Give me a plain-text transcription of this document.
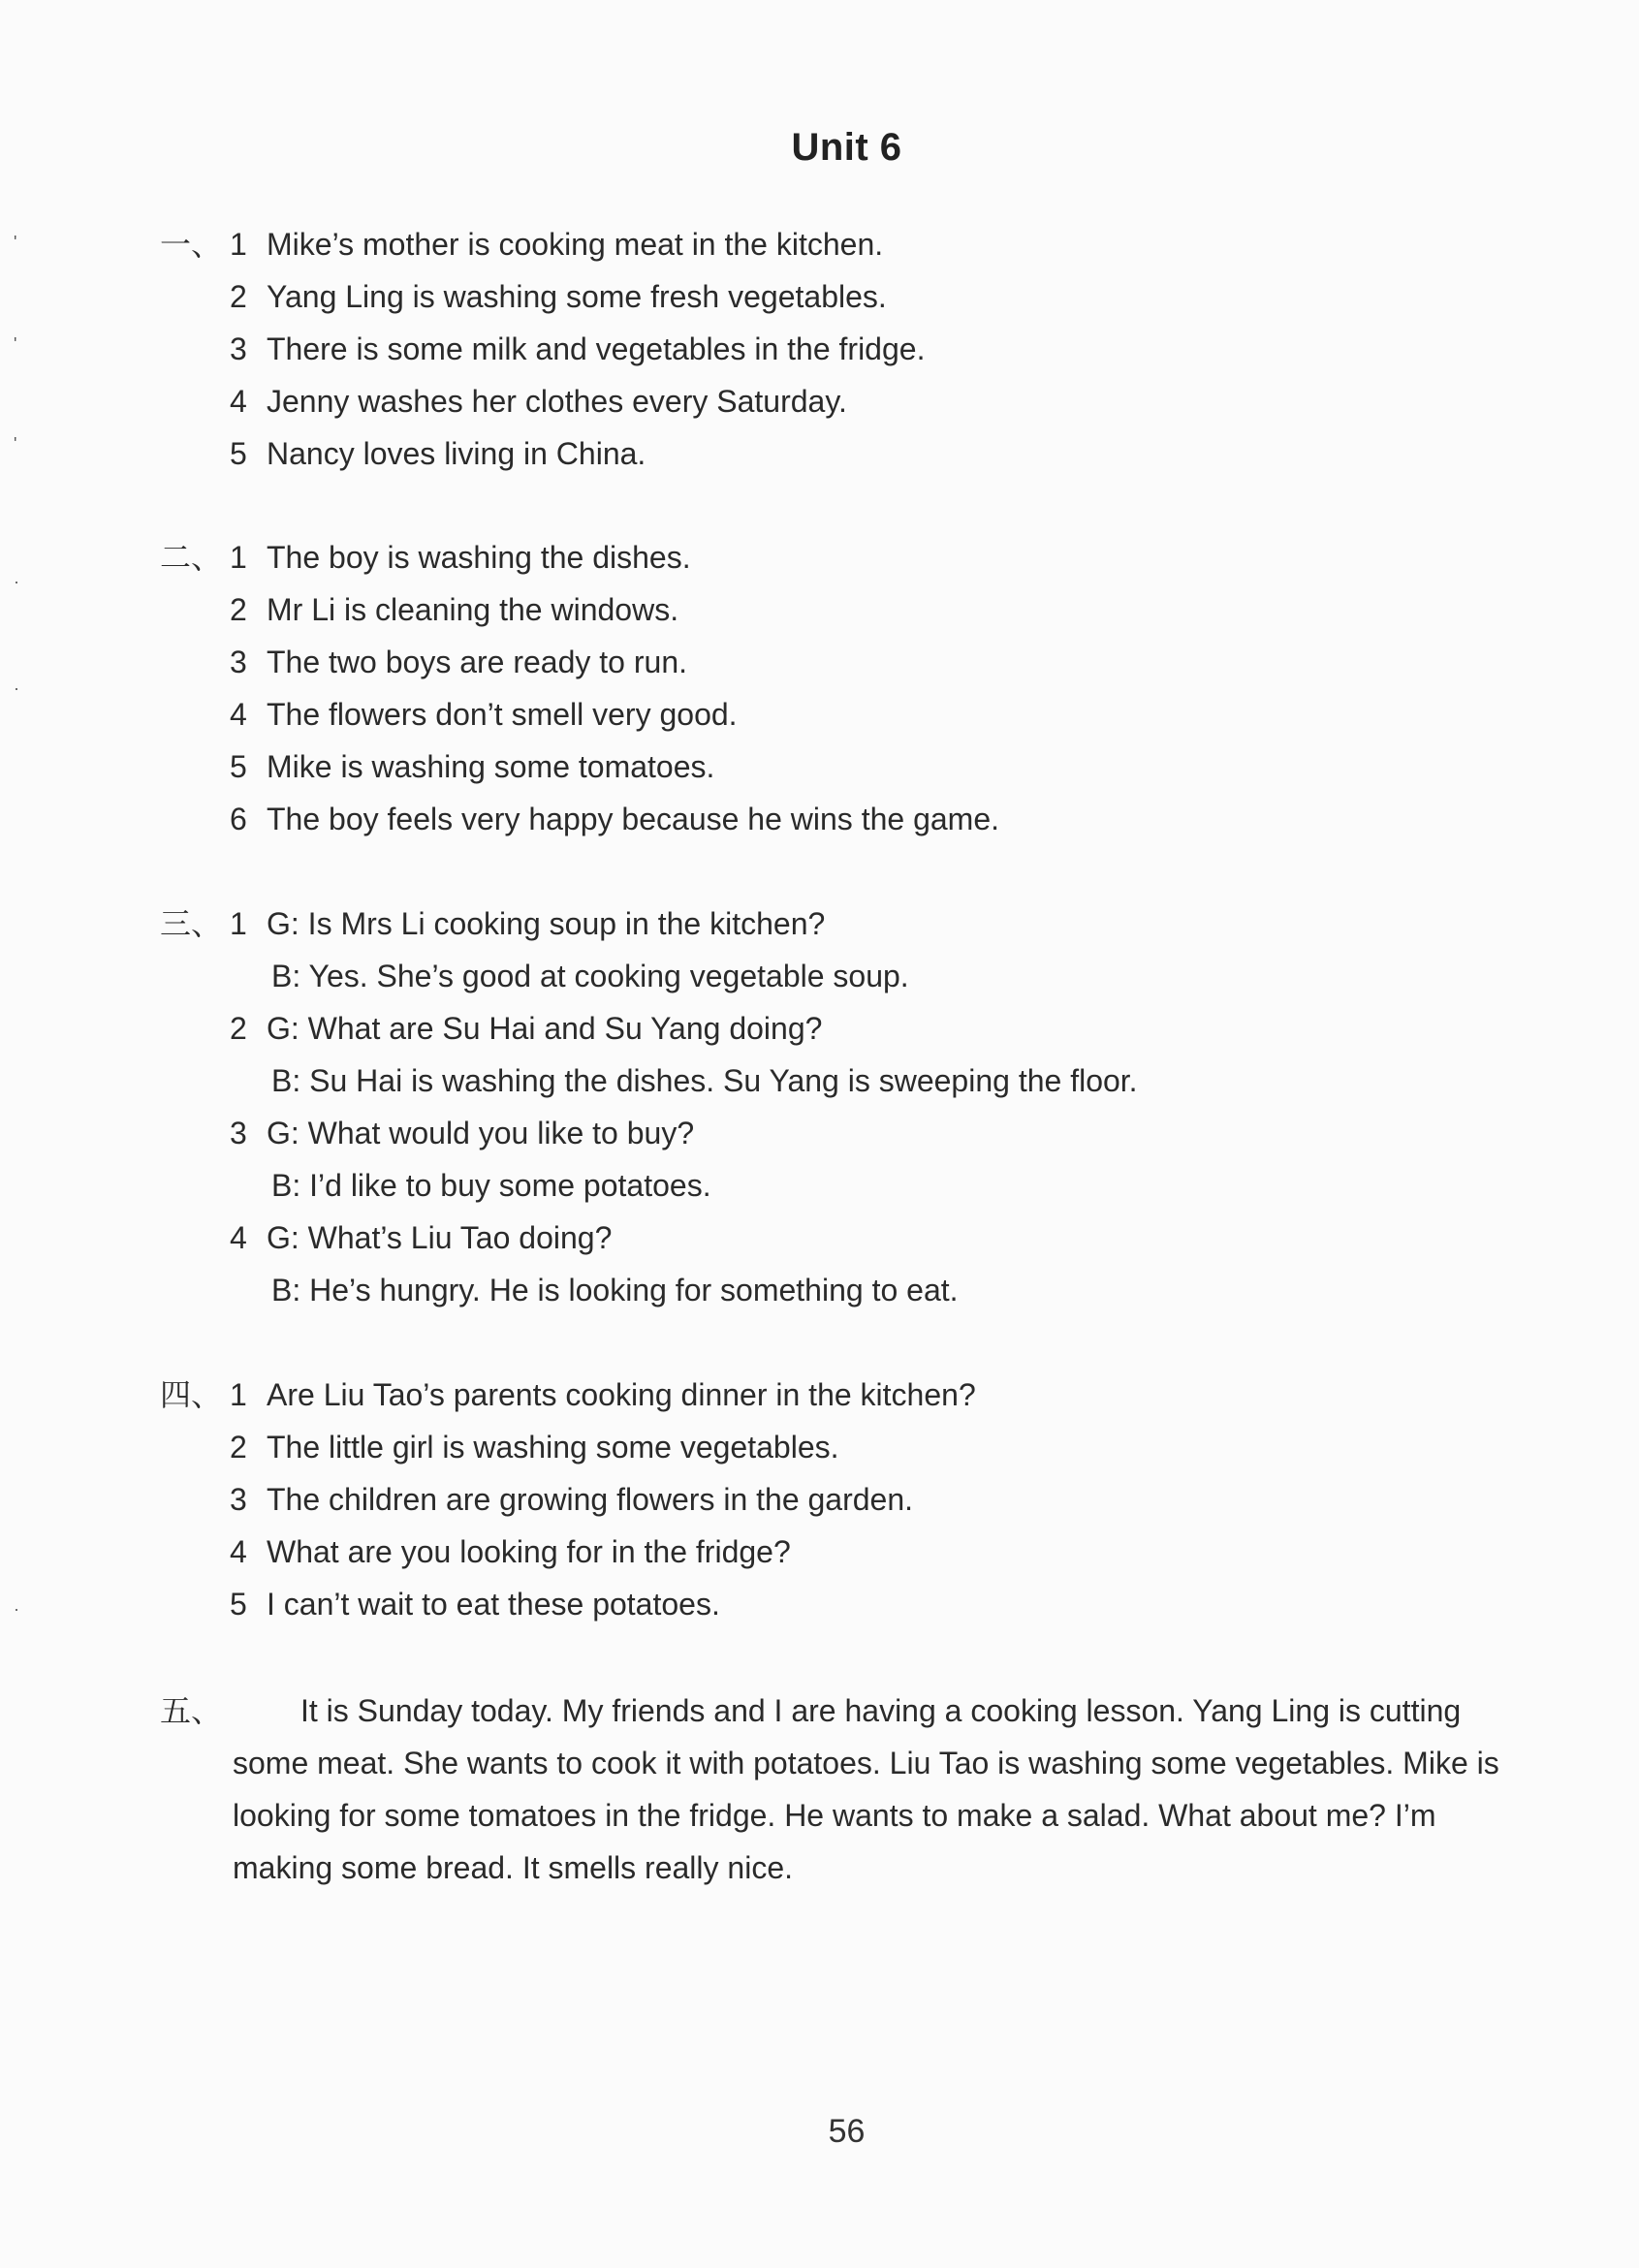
Unit 6
一、 1 Mike’s mother is cooking meat in the kitchen.
2 Yang Ling is washing some fresh vegetables.
3 There is some milk and vegetables in the fridge.
4 Jenny washes her clothes every Saturday.
5 Nancy loves living in China.
二、 1 The boy is washing the dishes.
2 Mr Li is cleaning the windows.
3 The two boys are ready to run.
4 The flowers don’t smell very good.
5 Mike is washing some tomatoes.
6 The boy feels very happy because he wins the game.
三、 1 G: Is Mrs Li cooking soup in the kitchen?
B: Yes. She’s good at cooking vegetable soup.
2 G: What are Su Hai and Su Yang doing?
B: Su Hai is washing the dishes. Su Yang is sweeping the floor.
3 G: What would you like to buy?
B: I’d like to buy some potatoes.
4 G: What’s Liu Tao doing?
B: He’s hungry. He is looking for something to eat.
四、 1 Are Liu Tao’s parents cooking dinner in the kitchen?
2 The little girl is washing some vegetables.
3 The children are growing flowers in the garden.
4 What are you looking for in the fridge?
5 I can’t wait to eat these potatoes.
五、	It is Sunday today. My friends and I are having a cooking lesson. Yang Ling is cutting some meat. She wants to cook it with potatoes. Liu Tao is washing some vegetables. Mike is looking for some tomatoes in the fridge. He wants to make a salad. What about me? I’m making some bread. It smells really nice.
56
'
'
'
·
·
·
